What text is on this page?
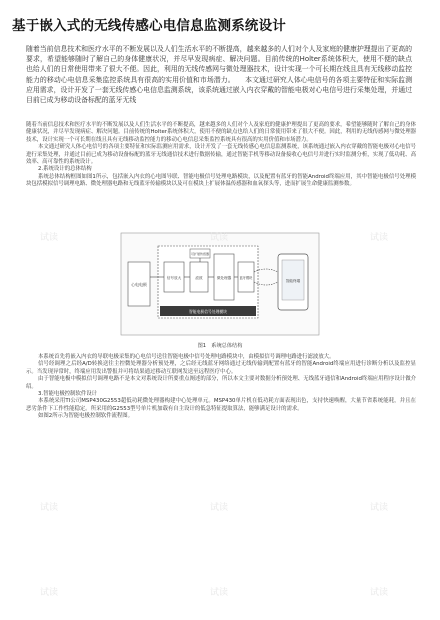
基于嵌入式的无线传感心电信息监测系统设计
随着当前信息技术和医疗水平的不断发展以及人们生活水平的不断提高，越来越多的人们对个人及家庭的健康护理提出了更高的要求，希望能够随时了解自己的身体健康状况，并尽早发现病症、解决问题。目前传统的Holter系统体积大，使用不便的缺点也给人们的日常使用带来了很大不便。因此，利用的无线传感网与微处理器技术，设计实现一个可长期在线且具有无线移动监控能力的移动心电信息采集监控系统具有很高的实用价值和市场潜力。　　本文通过研究人体心电信号的各项主要特征和实际监测应用需求，设计开发了一套无线传感心电信息监测系统，该系统通过嵌入内衣穿戴的智能电极对心电信号进行采集处理，并通过目前已成为移动设备标配的蓝牙无线

随着当前信息技术和医疗水平的不断发展以及人们生活水平的不断提高，越来越多的人们对个人及家庭的健康护理提出了更高的要求，希望能够随时了解自己的身体健康状况，并尽早发现病症、解决问题。目前传统的Holter系统体积大，使用不便的缺点也给人们的日常使用带来了很大不便。因此，利用的无线传感网与微处理器技术，设计实现一个可长期在线且具有无线移动监控能力的移动心电信息采集监控系统具有很高的实用价值和市场潜力。

本文通过研究人体心电信号的各项主要特征和实际监测应用需求，设计开发了一套无线传感心电信息监测系统，该系统通过嵌入内衣穿戴的智能电极对心电信号进行采集处理，并通过目前已成为移动设备标配的蓝牙无线通信技术进行数据传输，通过智能手机等移动设备接收心电信号并进行实时监测分析，实现了低功耗、高效率、高可靠性的系统设计。

2.系统设计的总体结构

系统总体结构框图如图1所示，包括嵌入内衣的心电图导联、智能电极信号处理电路模块，以及配置有蓝牙的智能Android终端应用，其中智能电极信号处理模块包括模拟信号调理电路、微处理器电路和无线蓝牙传输模块以及可在模块上扩展体温传感器和血氧探头等，进而扩展生命健康监测参数。

心电电极
信号放大	滤波	微处理器	蓝牙模块
可扩展传感器
智能电极信号处理模块
智能终端
图1　系统总体结构

本系统首先将嵌入内衣的导联电极采集的心电信号送往智能电极中信号处理电路模块中，由模拟信号调理电路进行滤波放大。

信号经调理之后经A/D转换送往主控微处理器分析预处理，之后经无线蓝牙网络通过无线传输到配置有蓝牙的智能Android终端应用进行诊断分析以及监控显示。当发现异常时，终端应用发出警报并可将结果通过移动互联网发送至远程医疗中心。

由于智能电极中模拟信号调理电路不是本文对系统设计所要重点阐述的部分，所以本文主要对数据分析预处理、无线蓝牙通信和Android终端应用程序设计做介绍。

3.智能电极控制软件设计

本系统采用TI公司MSP430G2553超低功耗微处理器构建中心处理单元。MSP430单片机在低功耗方面表现出色，支持快速唤醒，大量节省系统能耗，并且在恶劣条件下工作性能稳定。所采用的G2553型号单片机加载有自主设计的低急特征提取算法，能够满足设计的需求。

如图2所示为智能电极控制软件流程图。

试读	试读	试读
试读	试读	试读
试读	试读	试读
